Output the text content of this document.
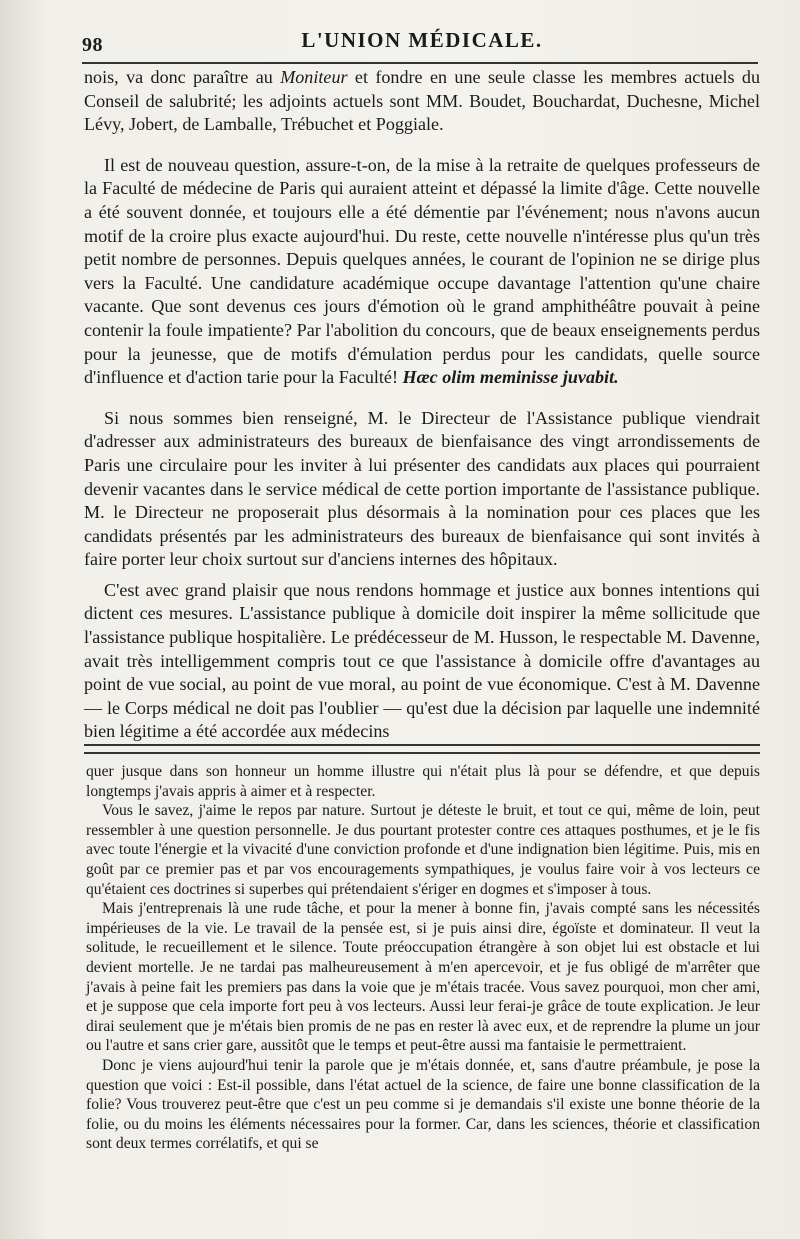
98	L'UNION MÉDICALE.

nois, va donc paraître au Moniteur et fondre en une seule classe les membres actuels du Conseil de salubrité; les adjoints actuels sont MM. Boudet, Bouchardat, Duchesne, Michel Lévy, Jobert, de Lamballe, Trébuchet et Poggiale.

Il est de nouveau question, assure-t-on, de la mise à la retraite de quelques professeurs de la Faculté de médecine de Paris qui auraient atteint et dépassé la limite d'âge. Cette nouvelle a été souvent donnée, et toujours elle a été démentie par l'événement; nous n'avons aucun motif de la croire plus exacte aujourd'hui. Du reste, cette nouvelle n'intéresse plus qu'un très petit nombre de personnes. Depuis quelques années, le courant de l'opinion ne se dirige plus vers la Faculté. Une candidature académique occupe davantage l'attention qu'une chaire vacante. Que sont devenus ces jours d'émotion où le grand amphithéâtre pouvait à peine contenir la foule impatiente? Par l'abolition du concours, que de beaux enseignements perdus pour la jeunesse, que de motifs d'émulation perdus pour les candidats, quelle source d'influence et d'action tarie pour la Faculté! Hæc olim meminisse juvabit.

Si nous sommes bien renseigné, M. le Directeur de l'Assistance publique viendrait d'adresser aux administrateurs des bureaux de bienfaisance des vingt arrondissements de Paris une circulaire pour les inviter à lui présenter des candidats aux places qui pourraient devenir vacantes dans le service médical de cette portion importante de l'assistance publique. M. le Directeur ne proposerait plus désormais à la nomination pour ces places que les candidats présentés par les administrateurs des bureaux de bienfaisance qui sont invités à faire porter leur choix surtout sur d'anciens internes des hôpitaux.

C'est avec grand plaisir que nous rendons hommage et justice aux bonnes intentions qui dictent ces mesures. L'assistance publique à domicile doit inspirer la même sollicitude que l'assistance publique hospitalière. Le prédécesseur de M. Husson, le respectable M. Davenne, avait très intelligemment compris tout ce que l'assistance à domicile offre d'avantages au point de vue social, au point de vue moral, au point de vue économique. C'est à M. Davenne — le Corps médical ne doit pas l'oublier — qu'est due la décision par laquelle une indemnité bien légitime a été accordée aux médecins

quer jusque dans son honneur un homme illustre qui n'était plus là pour se défendre, et que depuis longtemps j'avais appris à aimer et à respecter.

Vous le savez, j'aime le repos par nature. Surtout je déteste le bruit, et tout ce qui, même de loin, peut ressembler à une question personnelle. Je dus pourtant protester contre ces attaques posthumes, et je le fis avec toute l'énergie et la vivacité d'une conviction profonde et d'une indignation bien légitime. Puis, mis en goût par ce premier pas et par vos encouragements sympathiques, je voulus faire voir à vos lecteurs ce qu'étaient ces doctrines si superbes qui prétendaient s'ériger en dogmes et s'imposer à tous.

Mais j'entreprenais là une rude tâche, et pour la mener à bonne fin, j'avais compté sans les nécessités impérieuses de la vie. Le travail de la pensée est, si je puis ainsi dire, égoïste et dominateur. Il veut la solitude, le recueillement et le silence. Toute préoccupation étrangère à son objet lui est obstacle et lui devient mortelle. Je ne tardai pas malheureusement à m'en apercevoir, et je fus obligé de m'arrêter que j'avais à peine fait les premiers pas dans la voie que je m'étais tracée. Vous savez pourquoi, mon cher ami, et je suppose que cela importe fort peu à vos lecteurs. Aussi leur ferai-je grâce de toute explication. Je leur dirai seulement que je m'étais bien promis de ne pas en rester là avec eux, et de reprendre la plume un jour ou l'autre et sans crier gare, aussitôt que le temps et peut-être aussi ma fantaisie le permettraient.

Donc je viens aujourd'hui tenir la parole que je m'étais donnée, et, sans d'autre préambule, je pose la question que voici : Est-il possible, dans l'état actuel de la science, de faire une bonne classification de la folie? Vous trouverez peut-être que c'est un peu comme si je demandais s'il existe une bonne théorie de la folie, ou du moins les éléments nécessaires pour la former. Car, dans les sciences, théorie et classification sont deux termes corrélatifs, et qui se
